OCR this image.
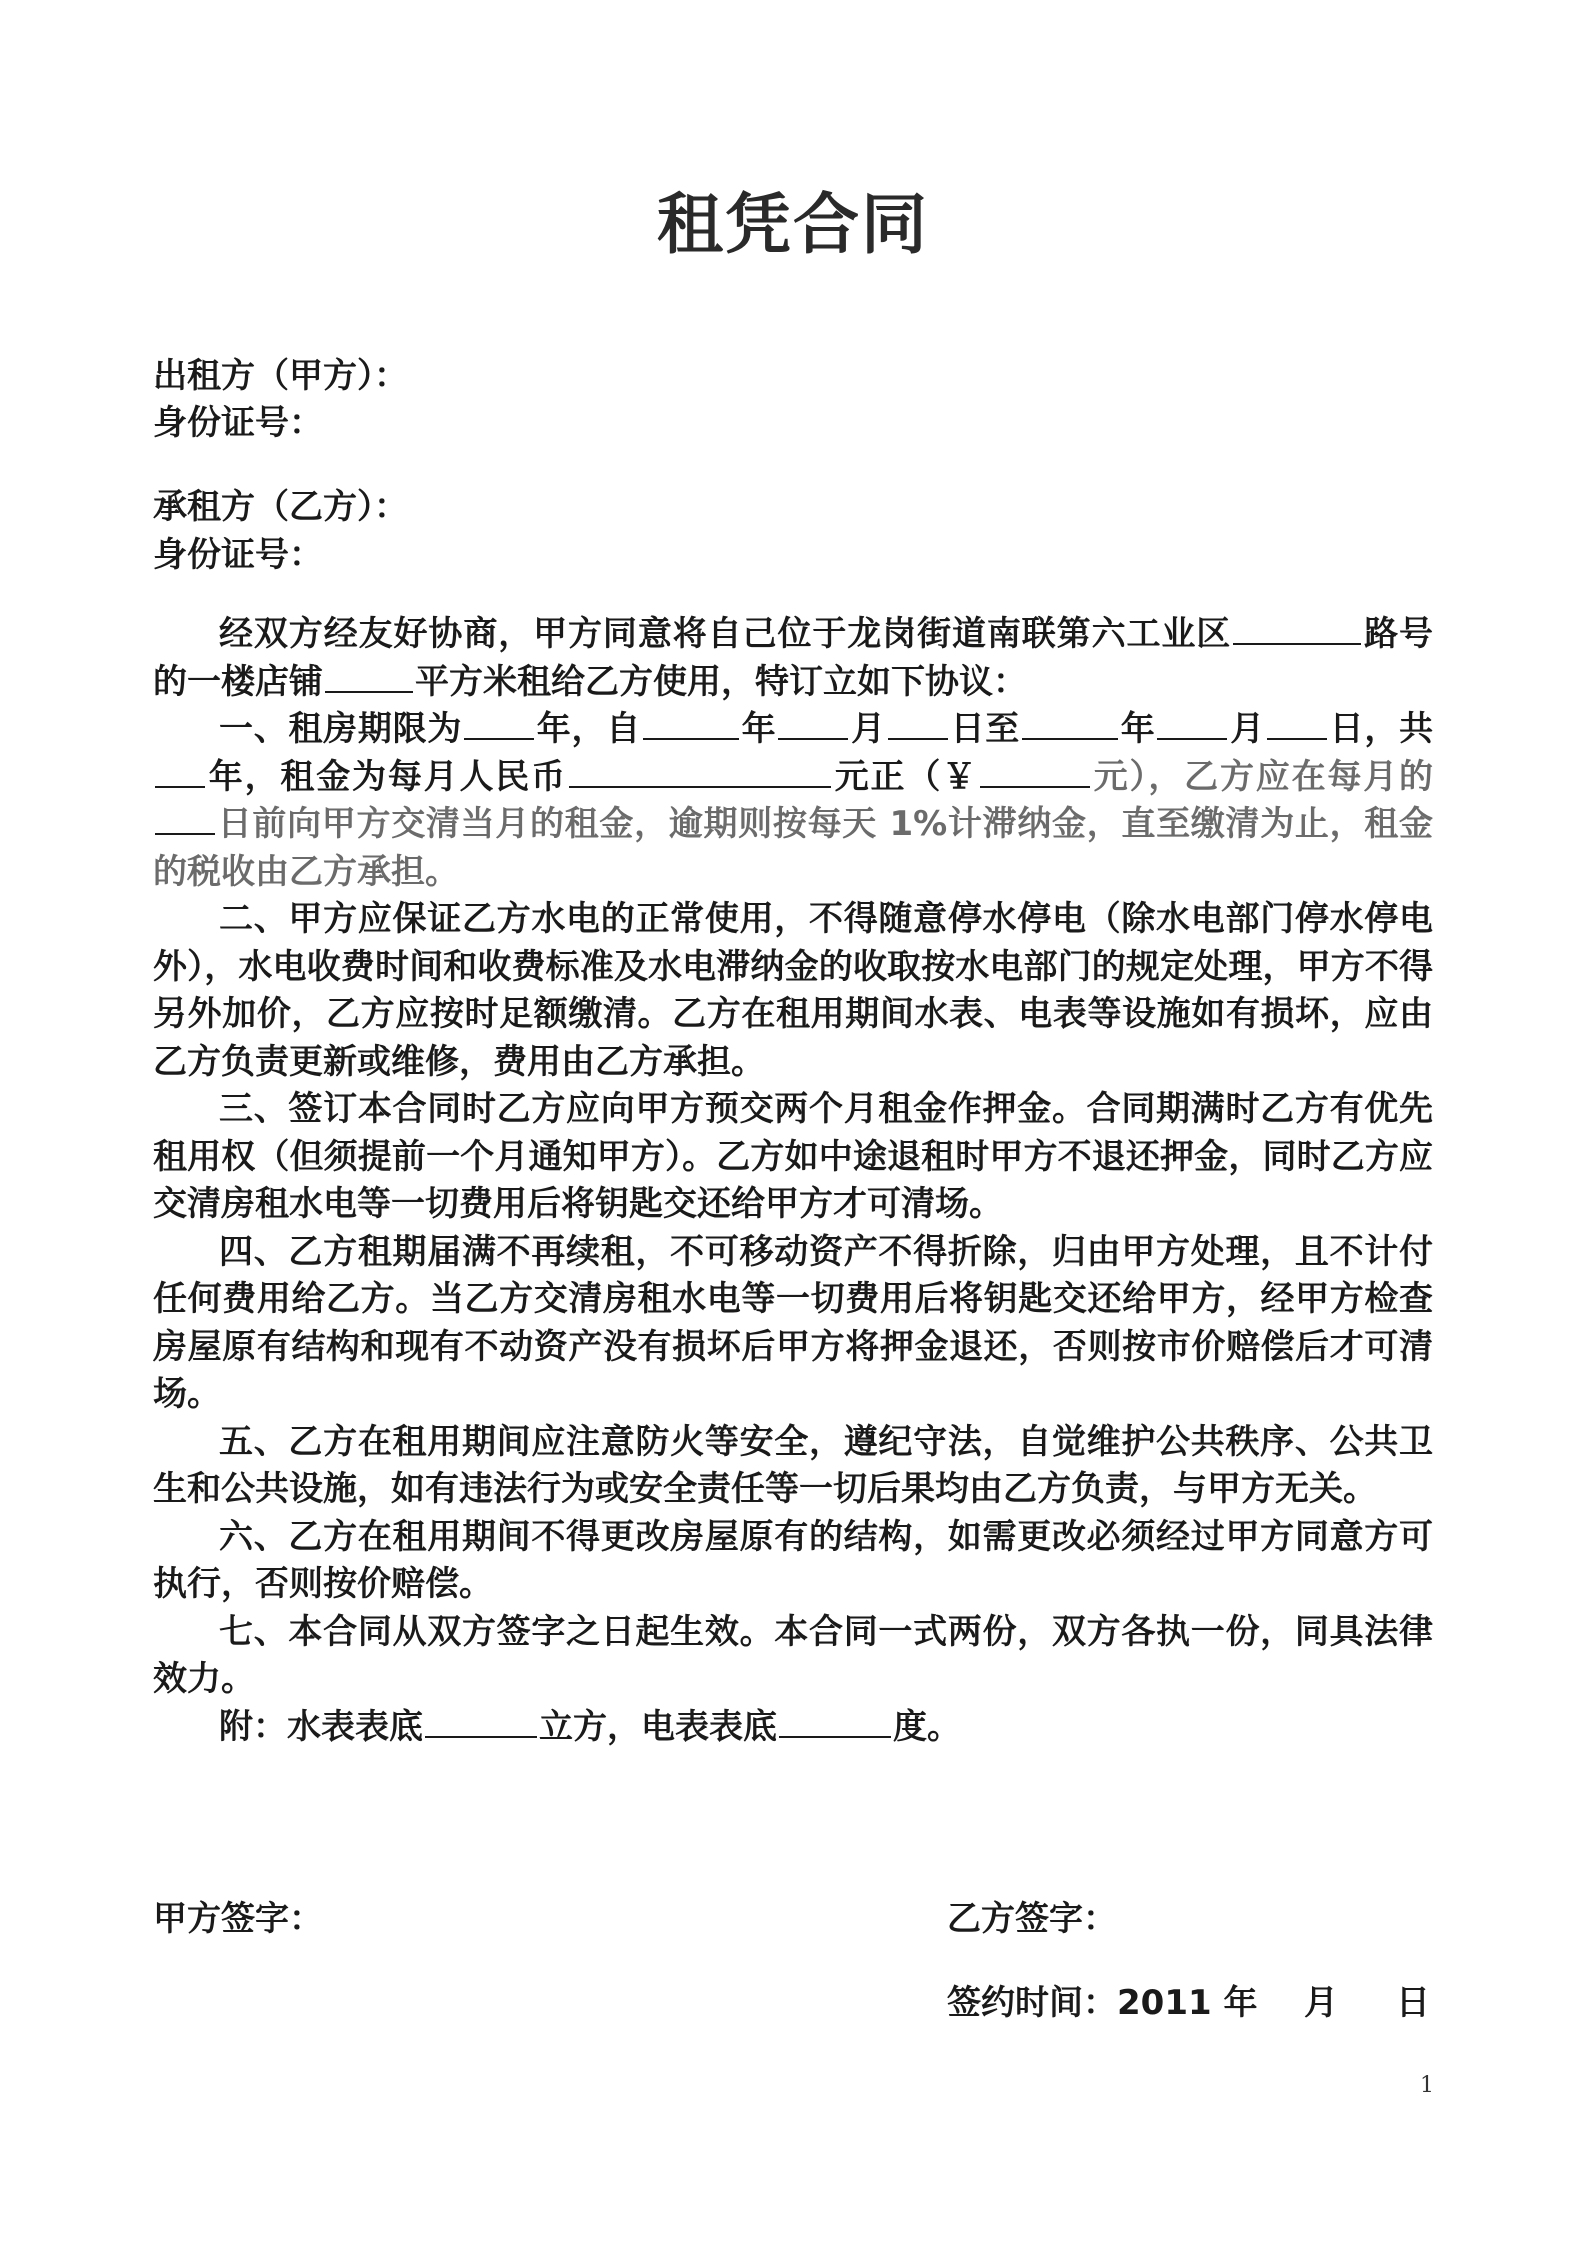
租凭合同
出租方（甲方）：
身份证号：
承租方（乙方）：
身份证号：

经双方经友好协商，甲方同意将自己位于龙岗街道南联第六工业区	路号的一楼店铺	平方米租给乙方使用，特订立如下协议：

一、租房期限为 年，自	年 月 日至	年 月 日，共年，租金为每月人民币	元正（￥	元），乙方应在每月的日前向甲方交清当月的租金，逾期则按每天 1%计滞纳金，直至缴清为止，租金的税收由乙方承担。

二、甲方应保证乙方水电的正常使用，不得随意停水停电（除水电部门停水停电外），水电收费时间和收费标准及水电滞纳金的收取按水电部门的规定处理，甲方不得另外加价，乙方应按时足额缴清。乙方在租用期间水表、电表等设施如有损坏，应由乙方负责更新或维修，费用由乙方承担。

三、签订本合同时乙方应向甲方预交两个月租金作押金。合同期满时乙方有优先租用权（但须提前一个月通知甲方）。乙方如中途退租时甲方不退还押金，同时乙方应交清房租水电等一切费用后将钥匙交还给甲方才可清场。

四、乙方租期届满不再续租，不可移动资产不得折除，归由甲方处理，且不计付任何费用给乙方。当乙方交清房租水电等一切费用后将钥匙交还给甲方，经甲方检查房屋原有结构和现有不动资产没有损坏后甲方将押金退还，否则按市价赔偿后才可清场。

五、乙方在租用期间应注意防火等安全，遵纪守法，自觉维护公共秩序、公共卫生和公共设施，如有违法行为或安全责任等一切后果均由乙方负责，与甲方无关。

六、乙方在租用期间不得更改房屋原有的结构，如需更改必须经过甲方同意方可执行，否则按价赔偿。

七、本合同从双方签字之日起生效。本合同一式两份，双方各执一份，同具法律效力。

附：水表表底	立方，电表表底	度。

甲方签字：	乙方签字：
签约时间：2011 年 月 日
1
